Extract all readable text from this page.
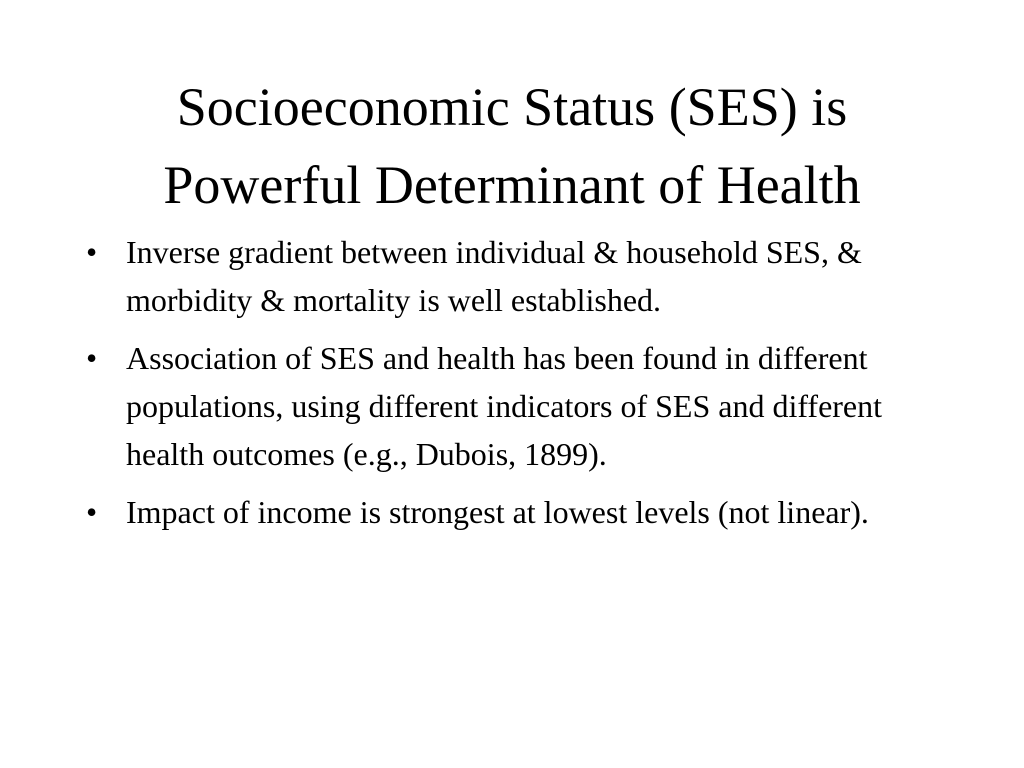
Socioeconomic Status (SES) is
Powerful Determinant of Health
• Inverse gradient between individual & household SES, & morbidity & mortality is well established.
• Association of SES and health has been found in different populations, using different indicators of SES and different health outcomes (e.g., Dubois, 1899).
• Impact of income is strongest at lowest levels (not linear).
